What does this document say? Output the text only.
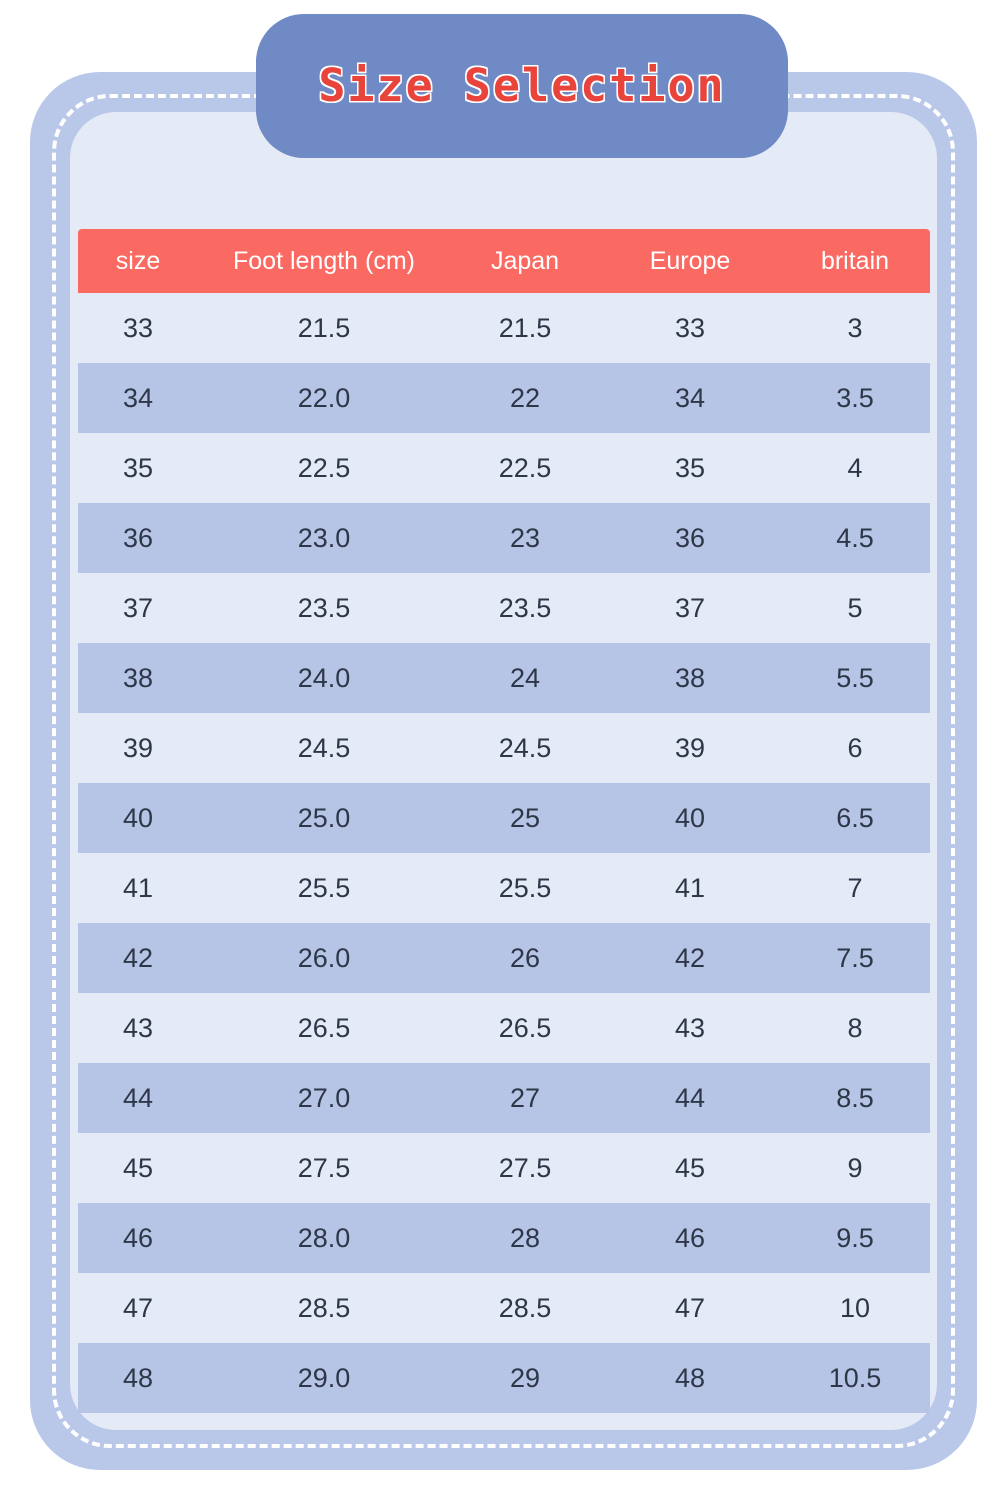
Size Selection
size	Foot length (cm)	Japan	Europe	britain
33	21.5	21.5	33	3
34	22.0	22	34	3.5
35	22.5	22.5	35	4
36	23.0	23	36	4.5
37	23.5	23.5	37	5
38	24.0	24	38	5.5
39	24.5	24.5	39	6
40	25.0	25	40	6.5
41	25.5	25.5	41	7
42	26.0	26	42	7.5
43	26.5	26.5	43	8
44	27.0	27	44	8.5
45	27.5	27.5	45	9
46	28.0	28	46	9.5
47	28.5	28.5	47	10
48	29.0	29	48	10.5
